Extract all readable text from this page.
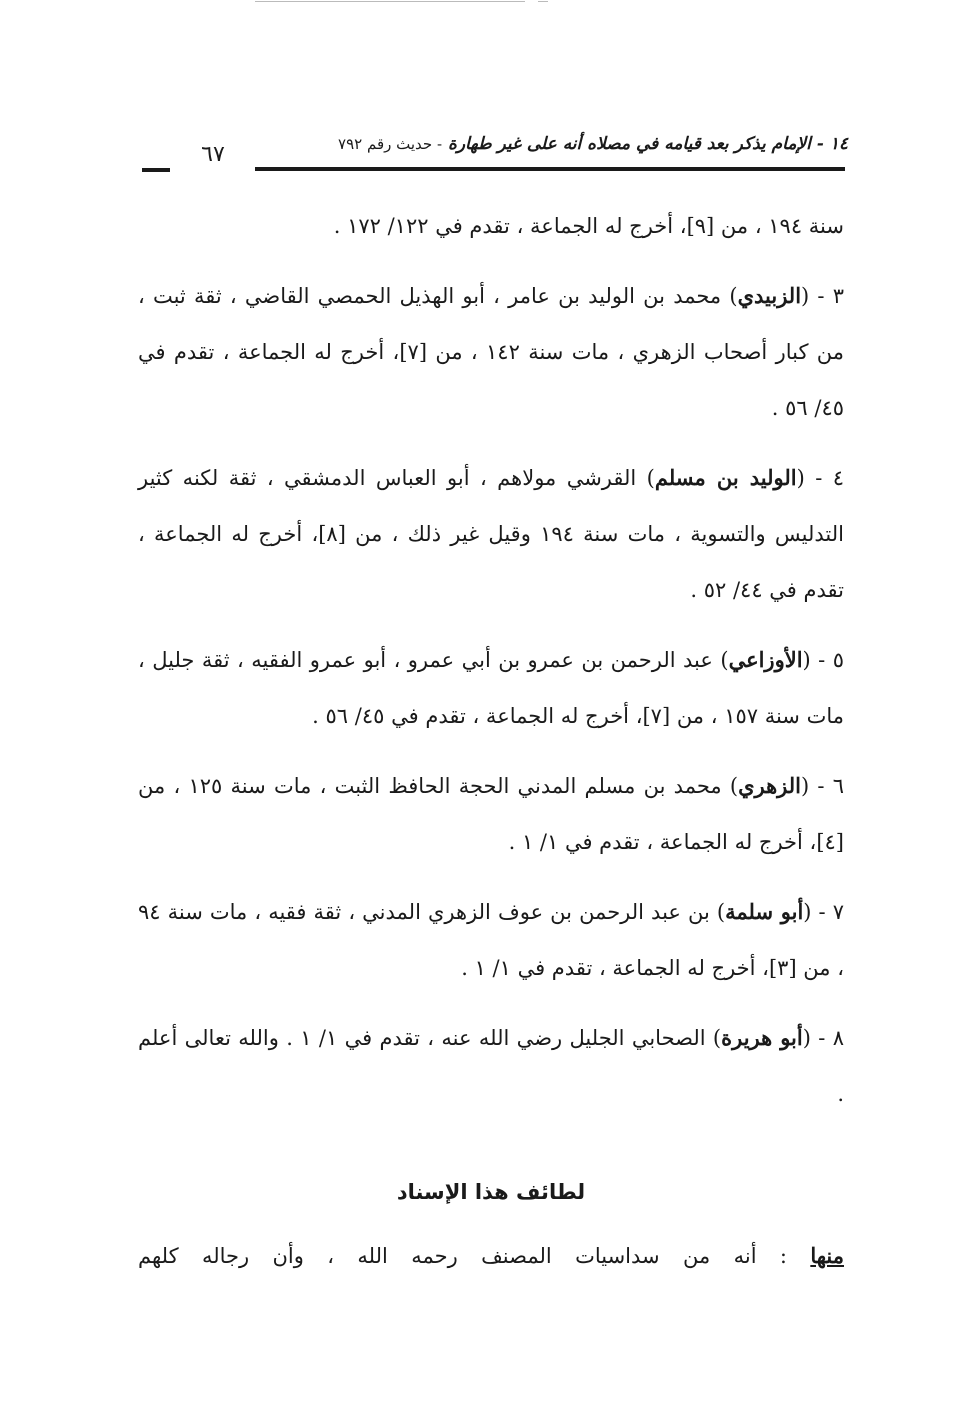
١٤ - الإمام يذكر بعد قيامه في مصلاه أنه على غير طهارة - حديث رقم ٧٩٢
٦٧

سنة ١٩٤ ، من [٩]، أخرج له الجماعة ، تقدم في ١٢٢/ ١٧٢ .

٣ - (الزبيدي) محمد بن الوليد بن عامر ، أبو الهذيل الحمصي القاضي ، ثقة ثبت ، من كبار أصحاب الزهري ، مات سنة ١٤٢ ، من [٧]، أخرج له الجماعة ، تقدم في ٤٥/ ٥٦ .

٤ - (الوليد بن مسلم) القرشي مولاهم ، أبو العباس الدمشقي ، ثقة لكنه كثير التدليس والتسوية ، مات سنة ١٩٤ وقيل غير ذلك ، من [٨]، أخرج له الجماعة ، تقدم في ٤٤/ ٥٢ .

٥ - (الأوزاعي) عبد الرحمن بن عمرو بن أبي عمرو ، أبو عمرو الفقيه ، ثقة جليل ، مات سنة ١٥٧ ، من [٧]، أخرج له الجماعة ، تقدم في ٤٥/ ٥٦ .

٦ - (الزهري) محمد بن مسلم المدني الحجة الحافظ الثبت ، مات سنة ١٢٥ ، من [٤]، أخرج له الجماعة ، تقدم في ١/ ١ .

٧ - (أبو سلمة) بن عبد الرحمن بن عوف الزهري المدني ، ثقة فقيه ، مات سنة ٩٤ ، من [٣]، أخرج له الجماعة ، تقدم في ١/ ١ .

٨ - (أبو هريرة) الصحابي الجليل رضي الله عنه ، تقدم في ١/ ١ . والله تعالى أعلم .

لطائف هذا الإسناد
منها : أنه من سداسيات المصنف رحمه الله ، وأن رجاله كلهم
